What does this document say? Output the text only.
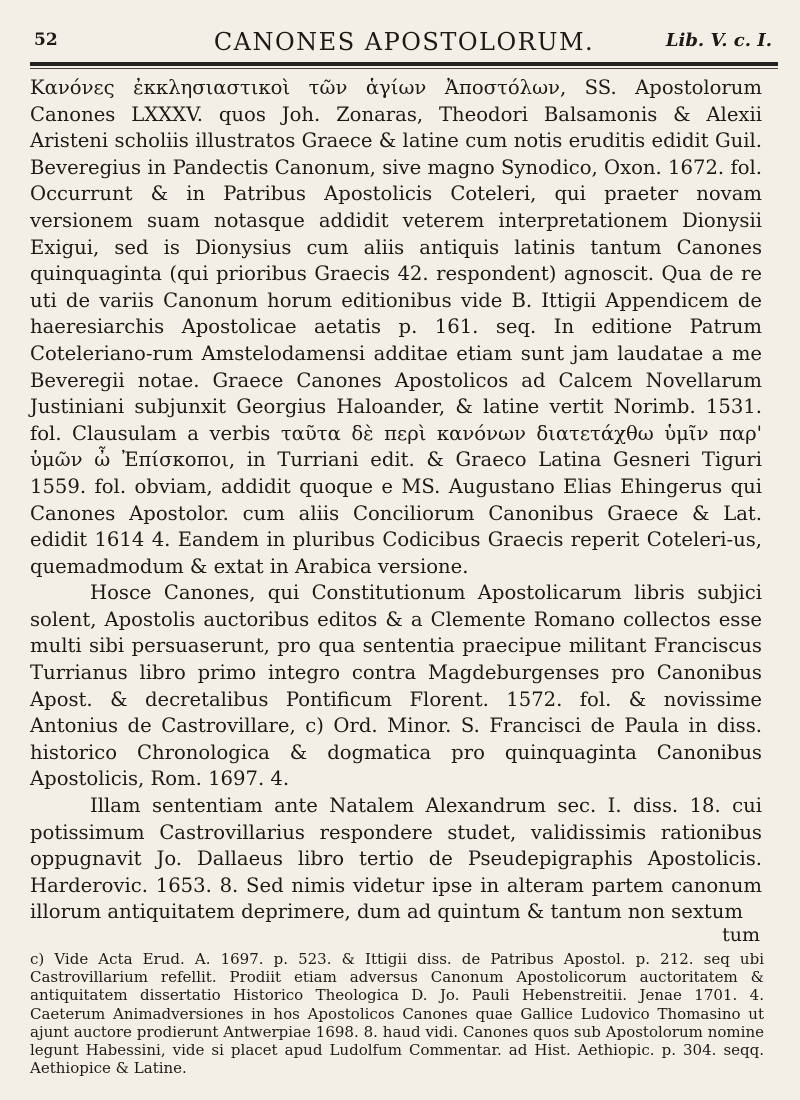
52	CANONES APOSTOLORUM.	Lib. V. c. I.

Κανόνες ἐκκλησιαστικοὶ τῶν ἁγίων Ἀποστόλων, SS. Apostolorum Canones LXXXV. quos Joh. Zonaras, Theodori Balsamonis & Alexii Aristeni scholiis illustratos Graece & latine cum notis eruditis edidit Guil. Beveregius in Pandectis Canonum, sive magno Synodico, Oxon. 1672. fol. Occurrunt & in Patribus Apostolicis Coteleri, qui praeter novam versionem suam notasque addidit veterem interpretationem Dionysii Exigui, sed is Dionysius cum aliis antiquis latinis tantum Canones quinquaginta (qui prioribus Graecis 42. respondent) agnoscit. Qua de re uti de variis Canonum horum editionibus vide B. Ittigii Appendicem de haeresiarchis Apostolicae aetatis p. 161. seq. In editione Patrum Coteleriano-rum Amstelodamensi additae etiam sunt jam laudatae a me Beveregii notae. Graece Canones Apostolicos ad Calcem Novellarum Justiniani subjunxit Georgius Haloander, & latine vertit Norimb. 1531. fol. Clausulam a verbis ταῦτα δὲ περὶ κανόνων διατετάχθω ὑμῖν παρ' ὑμῶν ὦ Ἐπίσκοποι, in Turriani edit. & Graeco Latina Gesneri Tiguri 1559. fol. obviam, addidit quoque e MS. Augustano Elias Ehingerus qui Canones Apostolor. cum aliis Conciliorum Canonibus Graece & Lat. edidit 1614 4. Eandem in pluribus Codicibus Graecis reperit Coteleri-us, quemadmodum & extat in Arabica versione.

Hosce Canones, qui Constitutionum Apostolicarum libris subjici solent, Apostolis auctoribus editos & a Clemente Romano collectos esse multi sibi persuaserunt, pro qua sententia praecipue militant Franciscus Turrianus libro primo integro contra Magdeburgenses pro Canonibus Apost. & decretalibus Pontificum Florent. 1572. fol. & novissime Antonius de Castrovillare, c) Ord. Minor. S. Francisci de Paula in diss. historico Chronologica & dogmatica pro quinquaginta Canonibus Apostolicis, Rom. 1697. 4.

Illam sententiam ante Natalem Alexandrum sec. I. diss. 18. cui potissimum Castrovillarius respondere studet, validissimis rationibus oppugnavit Jo. Dallaeus libro tertio de Pseudepigraphis Apostolicis. Harderovic. 1653. 8. Sed nimis videtur ipse in alteram partem canonum illorum antiquitatem deprimere, dum ad quintum & tantum non sextum

tum

c) Vide Acta Erud. A. 1697. p. 523. & Ittigii diss. de Patribus Apostol. p. 212. seq ubi Castrovillarium refellit. Prodiit etiam adversus Canonum Apostolicorum auctoritatem & antiquitatem dissertatio Historico Theologica D. Jo. Pauli Hebenstreitii. Jenae 1701. 4. Caeterum Animadversiones in hos Apostolicos Canones quae Gallice Ludovico Thomasino ut ajunt auctore prodierunt Antwerpiae 1698. 8. haud vidi. Canones quos sub Apostolorum nomine legunt Habessini, vide si placet apud Ludolfum Commentar. ad Hist. Aethiopic. p. 304. seqq. Aethiopice & Latine.
